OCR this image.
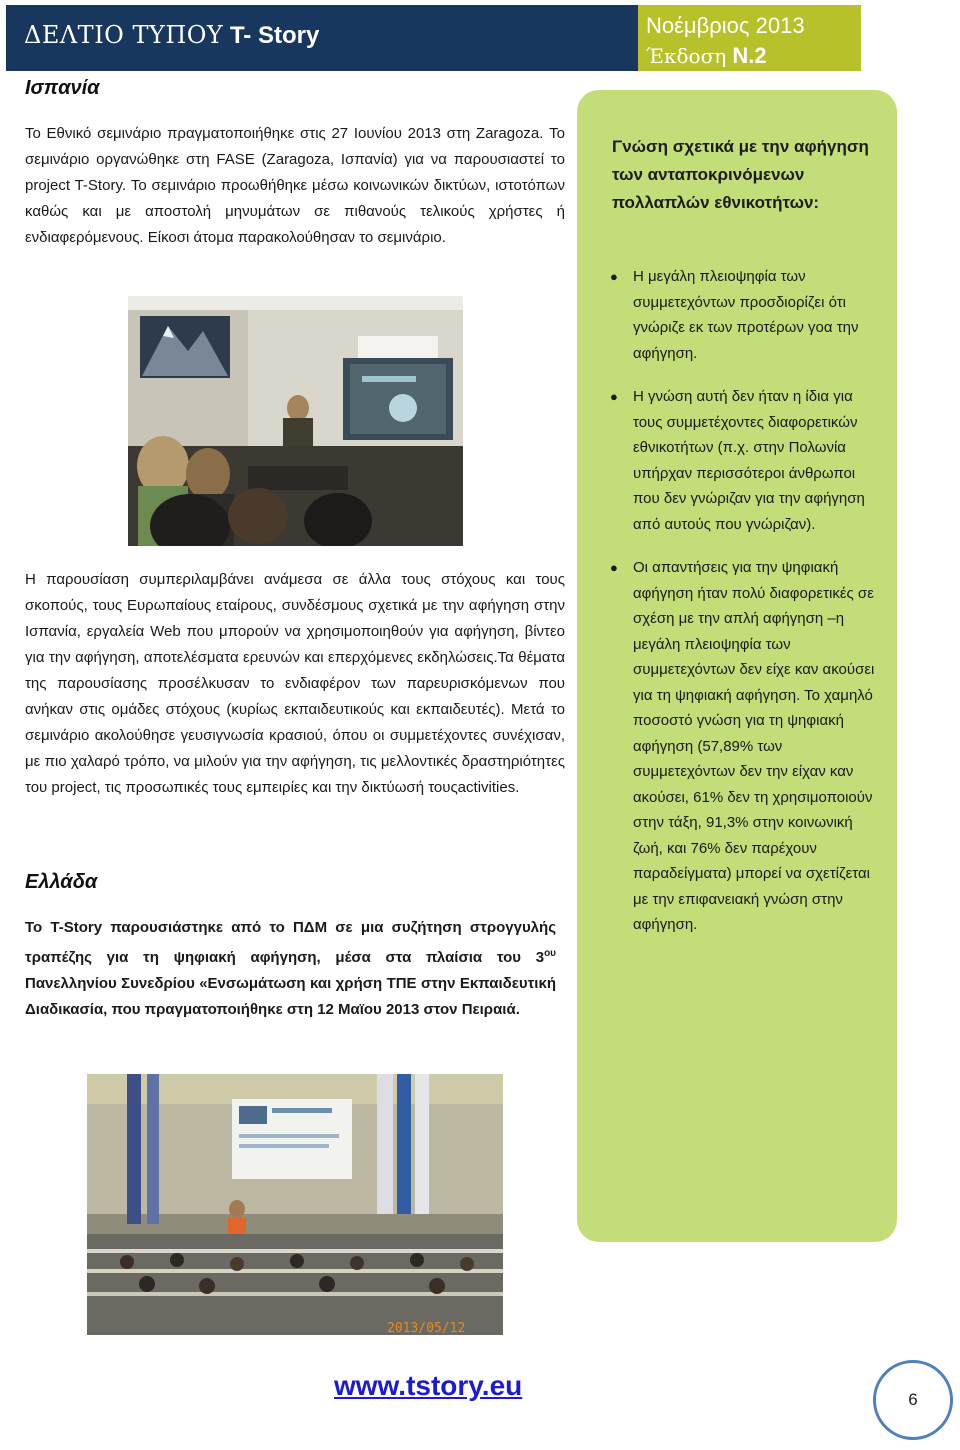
ΔΕΛΤΙΟ ΤΥΠΟΥ T- Story	Νοέμβριος 2013
Έκδοση Ν.2
Ισπανία
Το Εθνικό σεμινάριο πραγματοποιήθηκε στις 27 Ιουνίου 2013 στη Zaragoza. Το σεμινάριο οργανώθηκε στη FASE (Zaragoza, Ισπανία) για να παρουσιαστεί το project T-Story. Το σεμινάριο προωθήθηκε μέσω κοινωνικών δικτύων, ιστοτόπων καθώς και με αποστολή μηνυμάτων σε πιθανούς τελικούς χρήστες ή ενδιαφερόμενους. Είκοσι άτομα παρακολούθησαν το σεμινάριο.
Η παρουσίαση συμπεριλαμβάνει ανάμεσα σε άλλα τους στόχους και τους σκοπούς, τους Ευρωπαίους εταίρους, συνδέσμους σχετικά με την αφήγηση στην Ισπανία, εργαλεία Web που μπορούν να χρησιμοποιηθούν για αφήγηση, βίντεο για την αφήγηση, αποτελέσματα ερευνών και επερχόμενες εκδηλώσεις.Τα θέματα της παρουσίασης προσέλκυσαν το ενδιαφέρον των παρευρισκόμενων που ανήκαν στις ομάδες στόχους (κυρίως εκπαιδευτικούς και εκπαιδευτές). Μετά το σεμινάριο ακολούθησε γευσιγνωσία κρασιού, όπου οι συμμετέχοντες συνέχισαν, με πιο χαλαρό τρόπο, να μιλούν για την αφήγηση, τις μελλοντικές δραστηριότητες του project, τις προσωπικές τους εμπειρίες και την δικτύωσή τουςactivities.
Ελλάδα
Το T-Story παρουσιάστηκε από το ΠΔΜ σε μια συζήτηση στρογγυλής τραπέζης για τη ψηφιακή αφήγηση, μέσα στα πλαίσια του $3^{o\upsilon}$ Πανελληνίου Συνεδρίου «Ενσωμάτωση και χρήση ΤΠΕ στην Εκπαιδευτική Διαδικασία, που πραγματοποιήθηκε στη 12 Μαϊου 2013 στον Πειραιά.
2013/05/12
Γνώση σχετικά με την αφήγηση των ανταποκρινόμενων πολλαπλών εθνικοτήτων:
● Η μεγάλη πλειοψηφία των συμμετεχόντων προσδιορίζει ότι γνώριζε εκ των προτέρων γοα την αφήγηση.
● Η γνώση αυτή δεν ήταν η ίδια για τους συμμετέχοντες διαφορετικών εθνικοτήτων (π.χ. στην Πολωνία υπήρχαν περισσότεροι άνθρωποι που δεν γνώριζαν για την αφήγηση από αυτούς που γνώριζαν).
● Οι απαντήσεις για την ψηφιακή αφήγηση ήταν πολύ διαφορετικές σε σχέση με την απλή αφήγηση –η μεγάλη πλειοψηφία των συμμετεχόντων δεν είχε καν ακούσει για τη ψηφιακή αφήγηση. Το χαμηλό ποσοστό γνώση για τη ψηφιακή αφήγηση (57,89% των συμμετεχόντων δεν την είχαν καν ακούσει, 61% δεν τη χρησιμοποιούν στην τάξη, 91,3% στην κοινωνική ζωή, και 76% δεν παρέχουν παραδείγματα) μπορεί να σχετίζεται με την επιφανειακή γνώση στην αφήγηση.
www.tstory.eu	6
